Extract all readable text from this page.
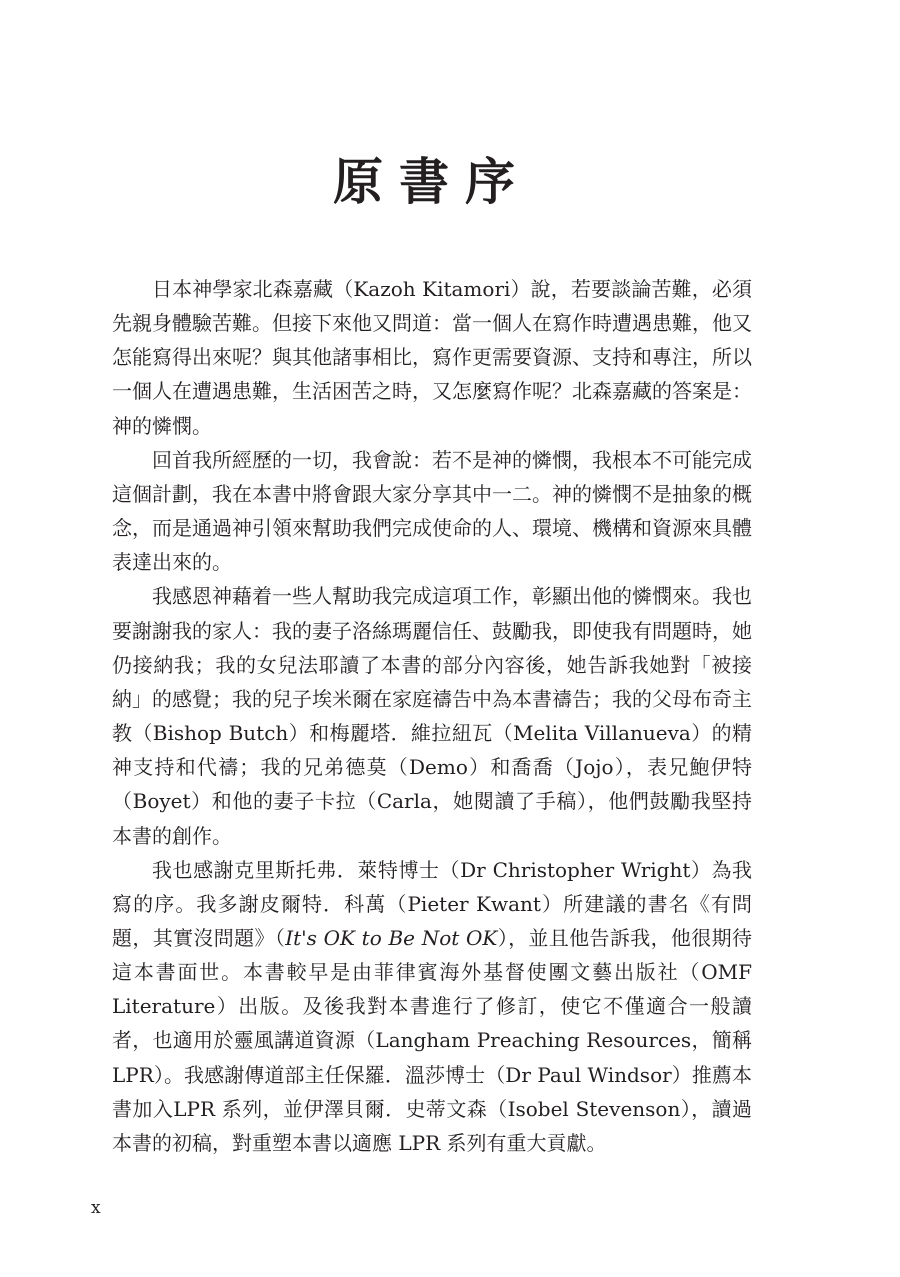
原書序

日本神學家北森嘉藏（Kazoh Kitamori）說，若要談論苦難，必須先親身體驗苦難。但接下來他又問道：當一個人在寫作時遭遇患難，他又怎能寫得出來呢？與其他諸事相比，寫作更需要資源、支持和專注，所以一個人在遭遇患難，生活困苦之時，又怎麼寫作呢？北森嘉藏的答案是：神的憐憫。

回首我所經歷的一切，我會說：若不是神的憐憫，我根本不可能完成這個計劃，我在本書中將會跟大家分享其中一二。神的憐憫不是抽象的概念，而是通過神引領來幫助我們完成使命的人、環境、機構和資源來具體表達出來的。

我感恩神藉着一些人幫助我完成這項工作，彰顯出他的憐憫來。我也要謝謝我的家人：我的妻子洛絲瑪麗信任、鼓勵我，即使我有問題時，她仍接納我；我的女兒法耶讀了本書的部分內容後，她告訴我她對「被接納」的感覺；我的兒子埃米爾在家庭禱告中為本書禱告；我的父母布奇主教（Bishop Butch）和梅麗塔．維拉紐瓦（Melita Villanueva）的精神支持和代禱；我的兄弟德莫（Demo）和喬喬（Jojo），表兄鮑伊特（Boyet）和他的妻子卡拉（Carla，她閱讀了手稿），他們鼓勵我堅持本書的創作。

我也感謝克里斯托弗．萊特博士（Dr Christopher Wright）為我寫的序。我多謝皮爾特．科萬（Pieter Kwant）所建議的書名《有問題，其實沒問題》（It's OK to Be Not OK），並且他告訴我，他很期待這本書面世。本書較早是由菲律賓海外基督使團文藝出版社（OMF Literature）出版。及後我對本書進行了修訂，使它不僅適合一般讀者，也適用於靈風講道資源（Langham Preaching Resources，簡稱LPR）。我感謝傳道部主任保羅．溫莎博士（Dr Paul Windsor）推薦本書加入LPR 系列，並伊澤貝爾．史蒂文森（Isobel Stevenson），讀過本書的初稿，對重塑本書以適應 LPR 系列有重大貢獻。

x
